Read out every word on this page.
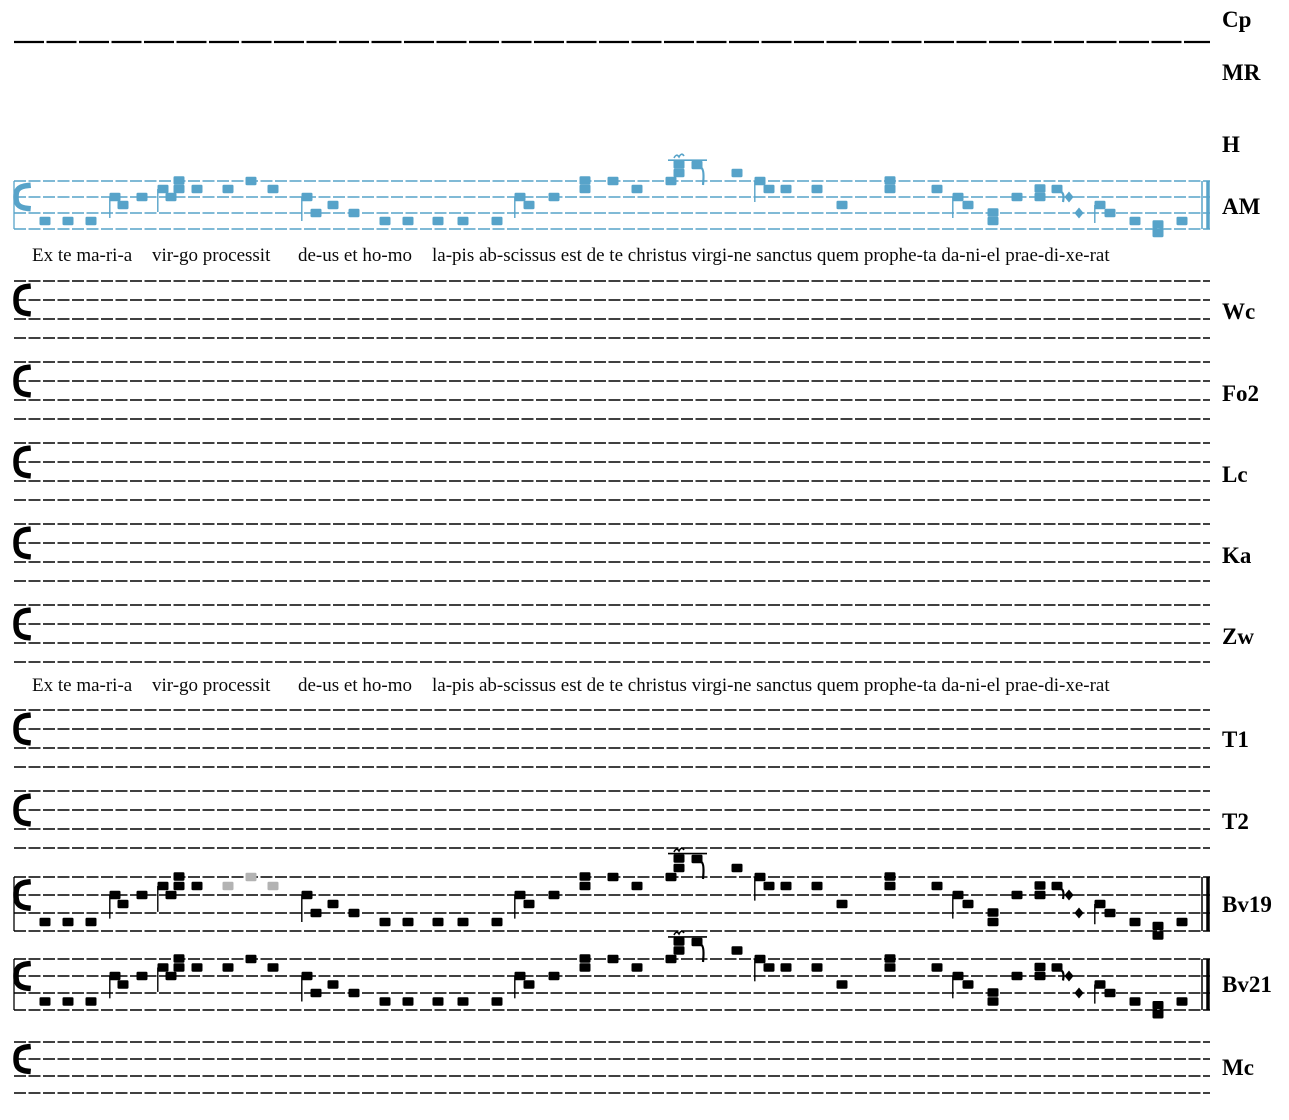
Cp
MR
H
AM
Wc
Fo2
Lc
Ka
Zw
T1
T2
Bv19
Bv21
Mc
Ex te ma-ri-a vir-go processit de-us et ho-mo la-pis ab-scissus est de te christus virgi-ne sanctus quem prophe-ta da-ni-el prae-di-xe-rat
Ex te ma-ri-a vir-go processit de-us et ho-mo la-pis ab-scissus est de te christus virgi-ne sanctus quem prophe-ta da-ni-el prae-di-xe-rat
